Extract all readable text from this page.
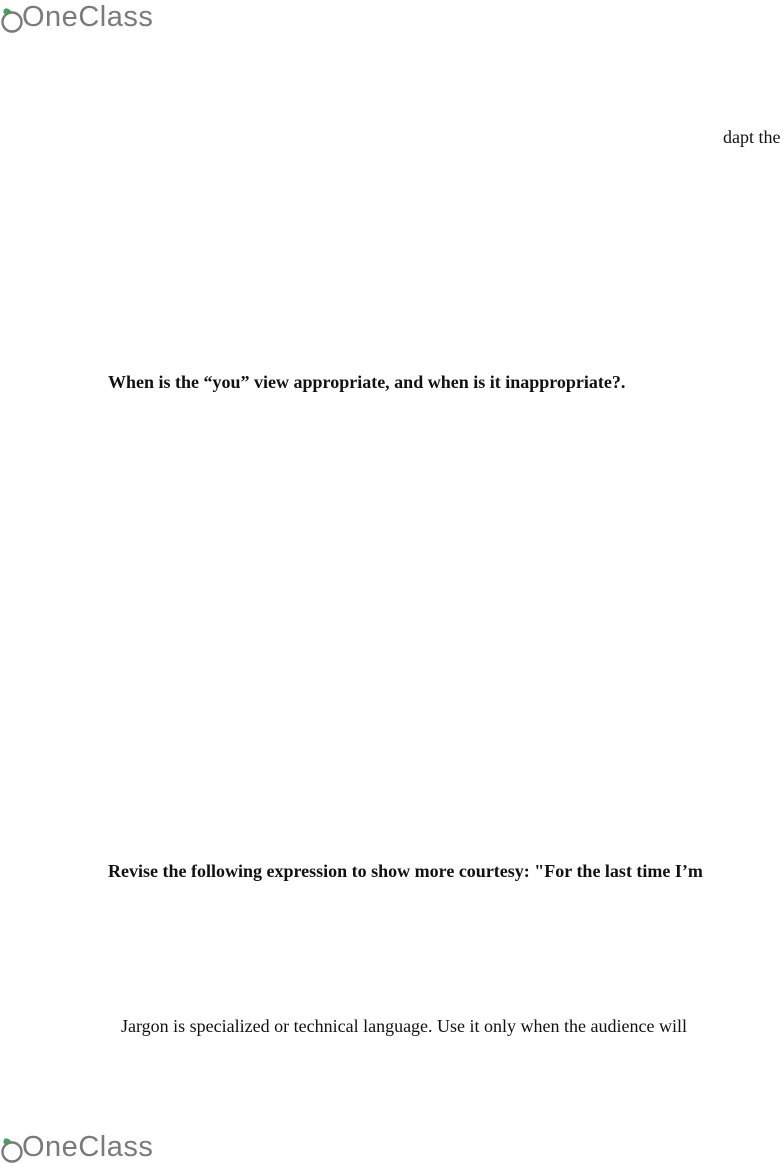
OneClass
dapt the
When is the “you” view appropriate, and when is it inappropriate?.
Revise the following expression to show more courtesy: "For the last time I’m
Jargon is specialized or technical language. Use it only when the audience will
OneClass
